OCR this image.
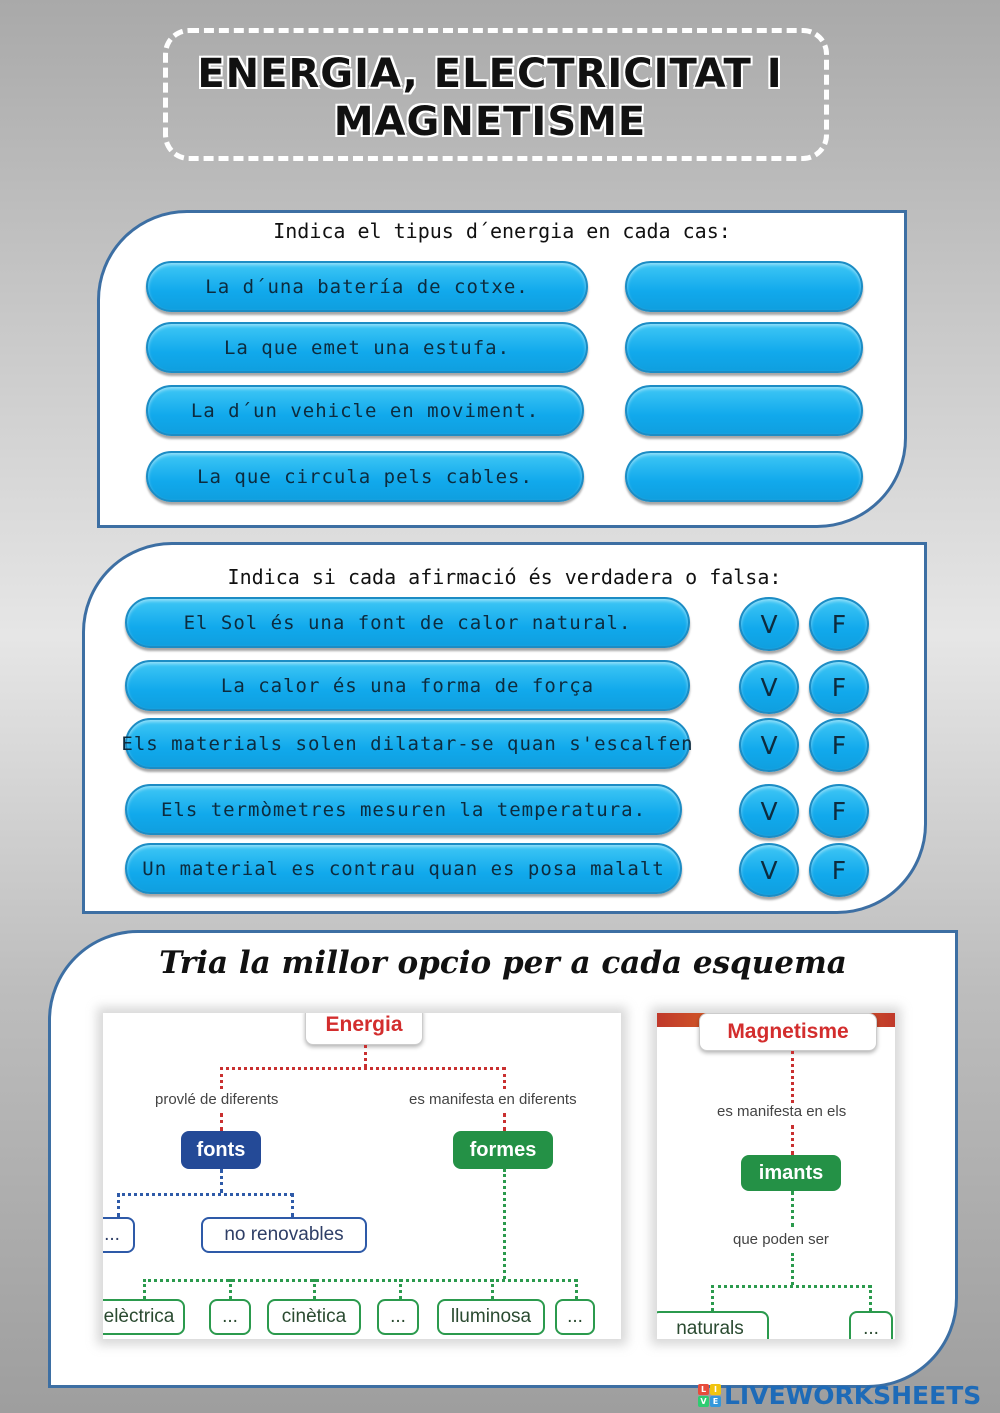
ENERGIA, ELECTRICITAT I MAGNETISME
Indica el tipus d´energia en cada cas:
La d´una batería de cotxe.
La que emet una estufa.
La d´un vehicle en moviment.
La que circula pels cables.
Indica si cada afirmació és verdadera o falsa:
El Sol és una font de calor natural.	V	F
La calor és una forma de força	V	F
Els materials solen dilatar-se quan s'escalfen	V	F
Els termòmetres mesuren la temperatura.	V	F
Un material es contrau quan es posa malalt	V	F
Tria la millor opcio per a cada esquema
Energia
provlé de diferents	es manifesta en diferents
fonts	formes
...	no renovables
elèctrica	...	cinètica	...	lluminosa	...
Magnetisme
es manifesta en els
imants
que poden ser
naturals	...
L I
V E LIVEWORKSHEETS
